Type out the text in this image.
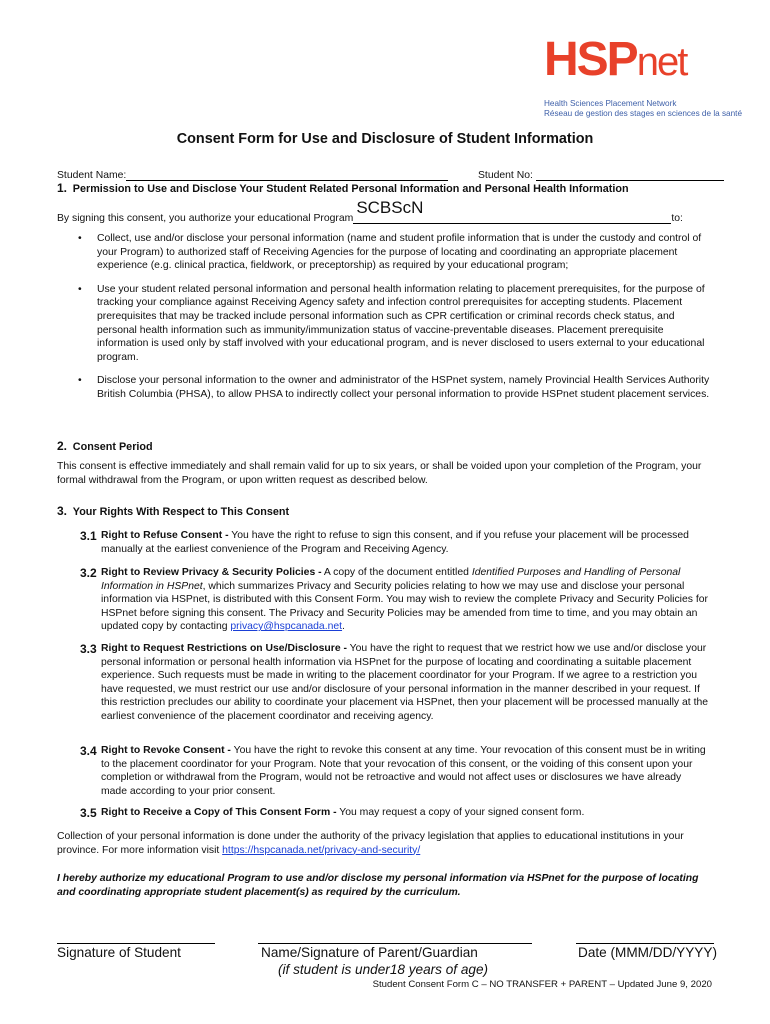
HSPnet
Health Sciences Placement Network
Réseau de gestion des stages en sciences de la santé
Consent Form for Use and Disclosure of Student Information
Student Name:	Student No:
1. Permission to Use and Disclose Your Student Related Personal Information and Personal Health Information
By signing this consent, you authorize your educational Program
SCBScN
to:
• Collect, use and/or disclose your personal information (name and student profile information that is under the custody and control of your Program) to authorized staff of Receiving Agencies for the purpose of locating and coordinating an appropriate placement experience (e.g. clinical practica, fieldwork, or preceptorship) as required by your educational program;
• Use your student related personal information and personal health information relating to placement prerequisites, for the purpose of tracking your compliance against Receiving Agency safety and infection control prerequisites for accepting students. Placement prerequisites that may be tracked include personal information such as CPR certification or criminal records check status, and personal health information such as immunity/immunization status of vaccine-preventable diseases. Placement prerequisite information is used only by staff involved with your educational program, and is never disclosed to users external to your educational program.
• Disclose your personal information to the owner and administrator of the HSPnet system, namely Provincial Health Services Authority British Columbia (PHSA), to allow PHSA to indirectly collect your personal information to provide HSPnet student placement services.
2. Consent Period
This consent is effective immediately and shall remain valid for up to six years, or shall be voided upon your completion of the Program, your formal withdrawal from the Program, or upon written request as described below.
3. Your Rights With Respect to This Consent
3.1 Right to Refuse Consent - You have the right to refuse to sign this consent, and if you refuse your placement will be processed manually at the earliest convenience of the Program and Receiving Agency.
3.2 Right to Review Privacy & Security Policies - A copy of the document entitled Identified Purposes and Handling of Personal Information in HSPnet, which summarizes Privacy and Security policies relating to how we may use and disclose your personal information via HSPnet, is distributed with this Consent Form. You may wish to review the complete Privacy and Security Policies for HSPnet before signing this consent. The Privacy and Security Policies may be amended from time to time, and you may obtain an updated copy by contacting privacy@hspcanada.net.
3.3 Right to Request Restrictions on Use/Disclosure - You have the right to request that we restrict how we use and/or disclose your personal information or personal health information via HSPnet for the purpose of locating and coordinating a suitable placement experience. Such requests must be made in writing to the placement coordinator for your Program. If we agree to a restriction you have requested, we must restrict our use and/or disclosure of your personal information in the manner described in your request. If this restriction precludes our ability to coordinate your placement via HSPnet, then your placement will be processed manually at the earliest convenience of the placement coordinator and receiving agency.
3.4 Right to Revoke Consent - You have the right to revoke this consent at any time. Your revocation of this consent must be in writing to the placement coordinator for your Program. Note that your revocation of this consent, or the voiding of this consent upon your completion or withdrawal from the Program, would not be retroactive and would not affect uses or disclosures we have already made according to your prior consent.
3.5 Right to Receive a Copy of This Consent Form - You may request a copy of your signed consent form.
Collection of your personal information is done under the authority of the privacy legislation that applies to educational institutions in your province. For more information visit https://hspcanada.net/privacy-and-security/
I hereby authorize my educational Program to use and/or disclose my personal information via HSPnet for the purpose of locating and coordinating appropriate student placement(s) as required by the curriculum.
Signature of Student	Name/Signature of Parent/Guardian
(if student is under18 years of age)
Date (MMM/DD/YYYY)
Student Consent Form C – NO TRANSFER + PARENT – Updated June 9, 2020
